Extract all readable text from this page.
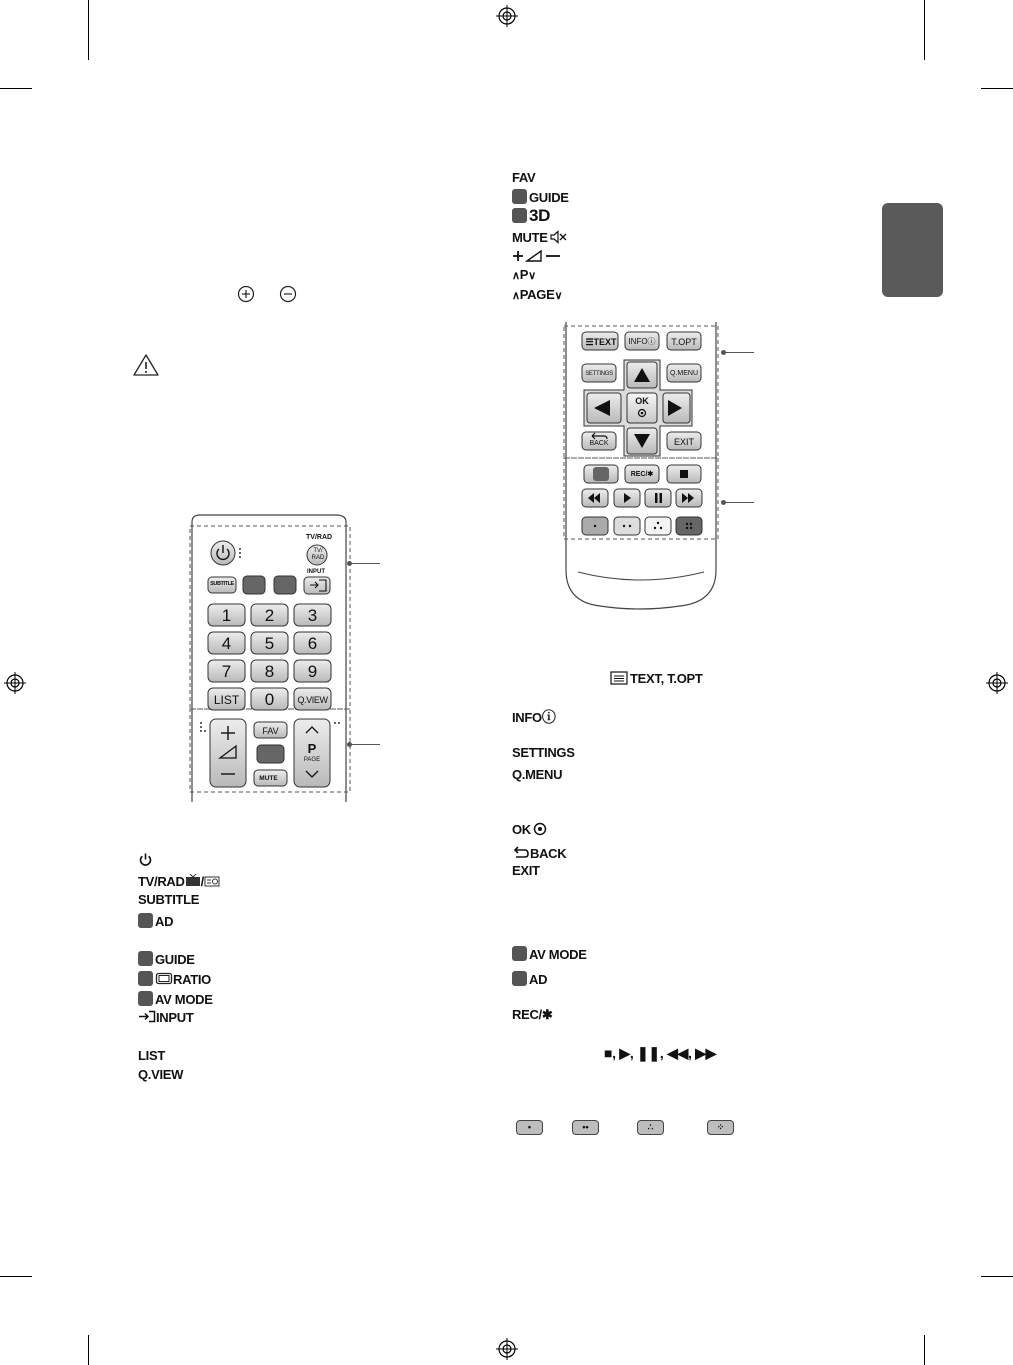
TV/RAD
TV/
RAD
SUBTITLE
INPUT
1	2	3
4	5	6
7	8	9
LIST	0	Q.VIEW
FAV
MUTE
P
PAGE
TV/RAD /
SUBTITLE
AD
GUIDE
RATIO
AV MODE
INPUT
LIST
Q.VIEW
FAV
GUIDE
3D
MUTE
∧P∨
∧PAGE∨
☰TEXT	INFOⓘ	T.OPT
SETTINGS	Q.MENU
OK
BACK	EXIT
REC/✱
TEXT, T.OPT
INFOⓘ
SETTINGS
Q.MENU
OK
BACK
EXIT
AV MODE
AD
REC/✱
■, ▶, ❚❚, ◀◀, ▶▶
•	••	∴	⁘
